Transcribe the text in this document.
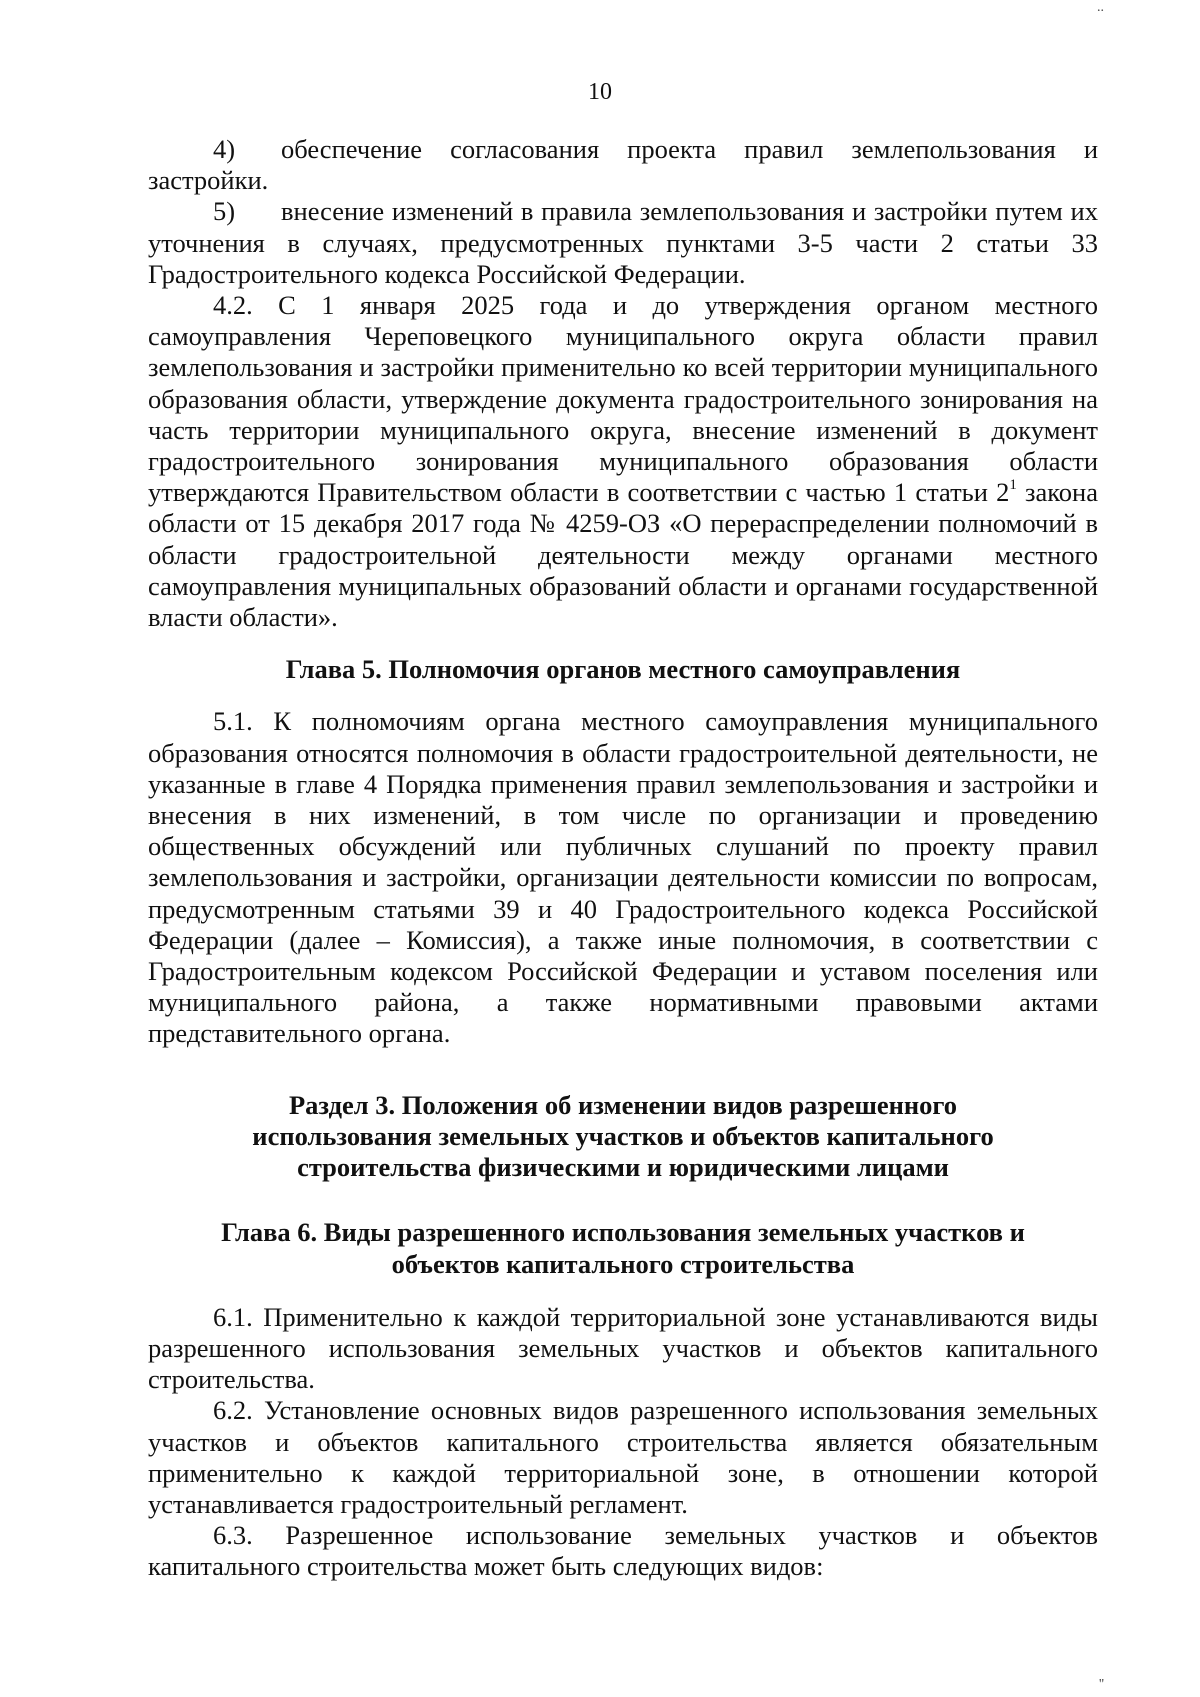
..
10

4) обеспечение согласования проекта правил землепользования и застройки.

5) внесение изменений в правила землепользования и застройки путем их уточнения в случаях, предусмотренных пунктами 3-5 части 2 статьи 33 Градостроительного кодекса Российской Федерации.

4.2. С 1 января 2025 года и до утверждения органом местного самоуправления Череповецкого муниципального округа области правил землепользования и застройки применительно ко всей территории муниципального образования области, утверждение документа градостроительного зонирования на часть территории муниципального округа, внесение изменений в документ градостроительного зонирования муниципального образования области утверждаются Правительством области в соответствии с частью 1 статьи $2^1$ закона области от 15 декабря 2017 года № 4259-ОЗ «О перераспределении полномочий в области градостроительной деятельности между органами местного самоуправления муниципальных образований области и органами государственной власти области».

Глава 5. Полномочия органов местного самоуправления

5.1. К полномочиям органа местного самоуправления муниципального образования относятся полномочия в области градостроительной деятельности, не указанные в главе 4 Порядка применения правил землепользования и застройки и внесения в них изменений, в том числе по организации и проведению общественных обсуждений или публичных слушаний по проекту правил землепользования и застройки, организации деятельности комиссии по вопросам, предусмотренным статьями 39 и 40 Градостроительного кодекса Российской Федерации (далее – Комиссия), а также иные полномочия, в соответствии с Градостроительным кодексом Российской Федерации и уставом поселения или муниципального района, а также нормативными правовыми актами представительного органа.

Раздел 3. Положения об изменении видов разрешенного использования земельных участков и объектов капитального строительства физическими и юридическими лицами
Глава 6. Виды разрешенного использования земельных участков и объектов капитального строительства

6.1. Применительно к каждой территориальной зоне устанавливаются виды разрешенного использования земельных участков и объектов капитального строительства.

6.2. Установление основных видов разрешенного использования земельных участков и объектов капитального строительства является обязательным применительно к каждой территориальной зоне, в отношении которой устанавливается градостроительный регламент.

6.3. Разрешенное использование земельных участков и объектов капитального строительства может быть следующих видов:

''
